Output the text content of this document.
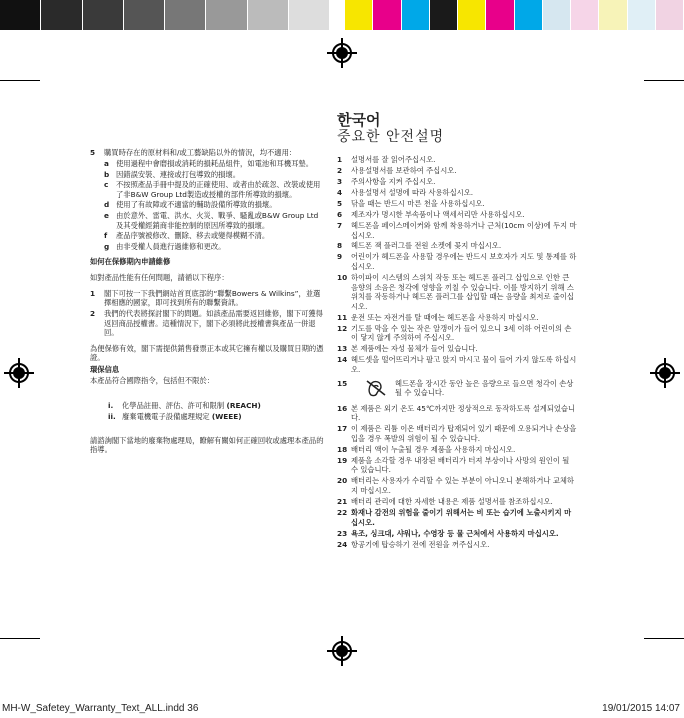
5	購買時存在的原材料和/或工藝缺陷以外的情況，均不適用：
a 使用過程中會磨損或消耗的損耗品組件，如電池和耳機耳墊。
b 因錯誤安裝、連接或打包導致的損壞。
c	不按照產品手冊中提及的正確使用、或者由於疏忽、改裝或使用了非B&W Group Ltd製造或授權的部件所導致的損壞。
d 使用了有故障或不適當的輔助設備所導致的損壞。
e 由於意外、雷電、洪水、火災、戰爭、騷亂或B&W Group Ltd及其受權經銷商非能控制的原因所導致的損壞。
f	產品序號被修改、刪除、移去或變得模糊不清。
g 由非受權人員進行過維修和更改。

如何在保修期內申請維修

如對產品性能有任何問題，請循以下程序：

1	閣下可按一下我們網站首頁底部的“聯繫Bowers & Wilkins”，並選擇相應的國家，即可找到所有的聯繫資訊。
2	我們的代表將探討閣下的問題。如該產品需要返回維修，閣下可獲得返回商品授權書。這種情況下，閣下必須將此授權書與產品一併退回。

為便保修有效，閣下需提供銷售發票正本或其它擁有權以及購買日期的憑證。

環保信息

本產品符合國際指令，包括但不限於：

i.	化學品註冊、評估、許可和限制 (REACH)
ii. 廢棄電機電子設備處理規定 (WEEE)

請諮詢閣下當地的廢棄物處理局，瞭解有關如何正確回收或處理本產品的指導。

한국어
중요한 안전설명
1	설명서를 잘 읽어주십시오.
2	사용설명서를 보관하여 주십시오.
3	주의사항을 지켜 주십시오.
4	사용설명서 설명에 따라 사용하십시오.
5	닦을 때는 반드시 마른 천을 사용하십시오.
6	제조자가 명시한 부속품이나 액세서리만 사용하십시오.
7	헤드폰을 페이스메이커와 함께 착용하거나 근처(10cm 이상)에 두지 마십시오.
8	헤드폰 잭 플러그를 전원 소켓에 꽂지 마십시오.
9	어린이가 헤드폰을 사용할 경우에는 반드시 보호자가 지도 및 통제를 하십시오.
10 하이파이 시스템의 스위치 작동 또는 헤드폰 플러그 삽입으로 인한 큰 음향의 소음은 청각에 영향을 끼칠 수 있습니다. 이를 방지하기 위해 스위치를 작동하거나 헤드폰 플러그를 삽입할 때는 음량을 최저로 줄이십시오.
11 운전 또는 자전거를 탈 때에는 헤드폰을 사용하지 마십시오.
12 기도를 막을 수 있는 작은 알갱이가 들어 있으니 3세 이하 어린이의 손이 닿지 않게 주의하여 주십시오.
13 본 제품에는 자성 물체가 들어 있습니다.
14 헤드셋을 떨어뜨리거나 팔고 앉지 마시고 물이 들어 가지 않도록 하십시오.
15	헤드폰을 장시간 동안 높은 음량으로 들으면 청각이 손상될 수 있습니다.
16 본 제품은 외기 온도 45℃까지만 정상적으로 동작하도록 설계되었습니다.
17 이 제품은 리튬 이온 배터리가 탑재되어 있기 때문에 오용되거나 손상을 입을 경우 폭발의 위험이 될 수 있습니다.
18 배터리 액이 누출될 경우 제품을 사용하지 마십시오.
19 제품을 소각할 경우 내장된 배터리가 터져 부상이나 사망의 원인이 될 수 있습니다.
20 배터리는 사용자가 수리할 수 있는 부분이 아니오니 분해하거나 교체하지 마십시오.
21 배터리 관리에 대한 자세한 내용은 제품 설명서를 참조하십시오.
22 화재나 감전의 위험을 줄이기 위해서는 비 또는 습기에 노출시키지 마십시오.
23 욕조, 싱크대, 샤워나, 수영장 등 물 근처에서 사용하지 마십시오.
24 항공기에 탑승하기 전에 전원을 꺼주십시오.
MH-W_Safetey_Warranty_Text_ALL.indd 36	19/01/2015 14:07
